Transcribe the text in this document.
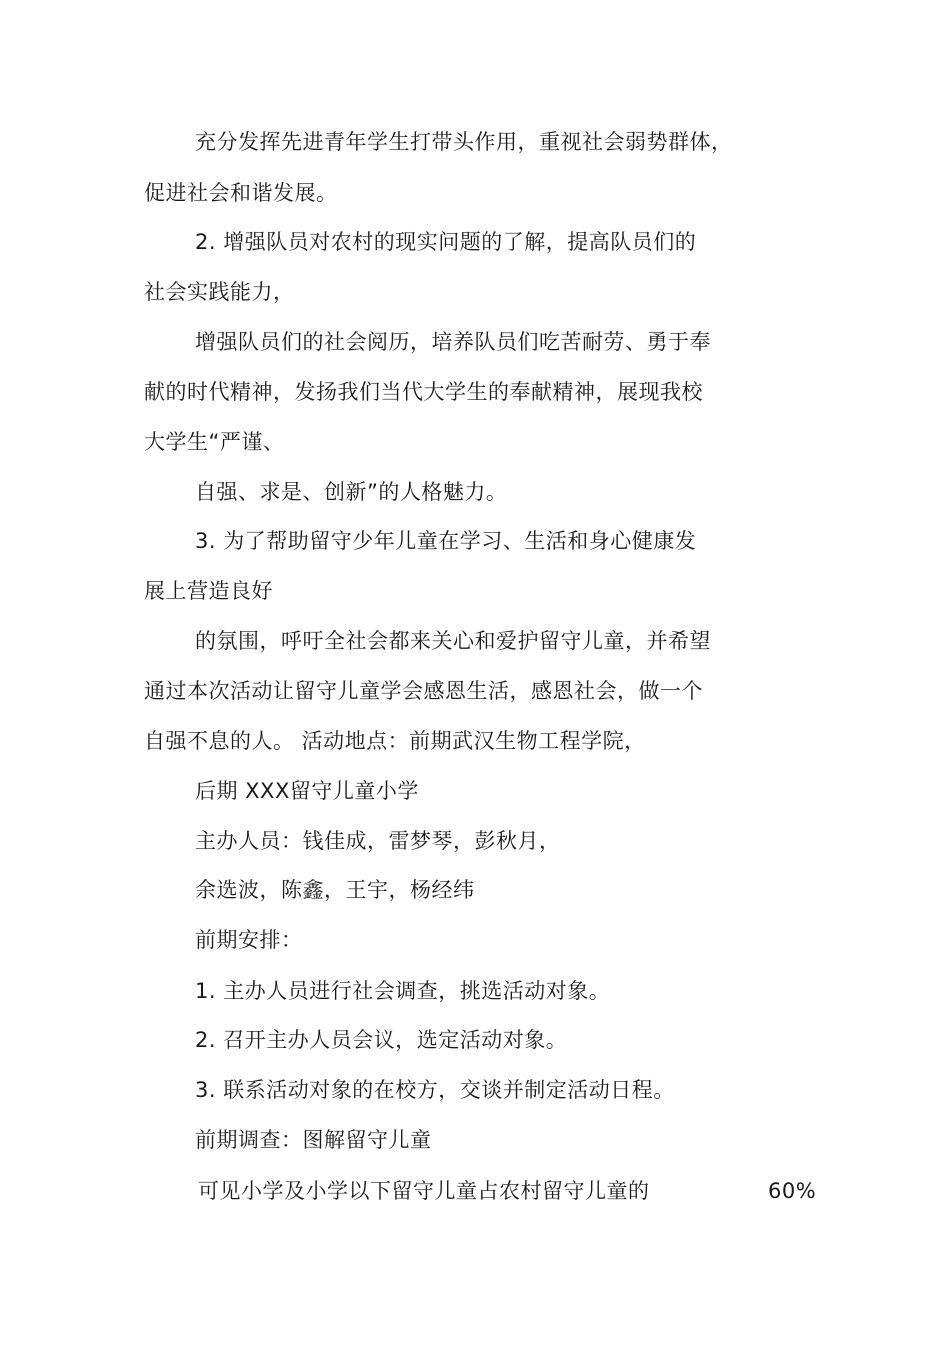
充分发挥先进青年学生打带头作用，重视社会弱势群体，
促进社会和谐发展。
2. 增强队员对农村的现实问题的了解，提高队员们的
社会实践能力，
增强队员们的社会阅历，培养队员们吃苦耐劳、勇于奉
献的时代精神，发扬我们当代大学生的奉献精神，展现我校
大学生“严谨、
自强、求是、创新”的人格魅力。
3. 为了帮助留守少年儿童在学习、生活和身心健康发
展上营造良好
的氛围，呼吁全社会都来关心和爱护留守儿童，并希望
通过本次活动让留守儿童学会感恩生活，感恩社会，做一个
自强不息的人。 活动地点：前期武汉生物工程学院，
后期 XXX留守儿童小学
主办人员：钱佳成，雷梦琴，彭秋月，
余选波，陈鑫，王宇，杨经纬
前期安排：
1. 主办人员进行社会调查，挑选活动对象。
2. 召开主办人员会议，选定活动对象。
3. 联系活动对象的在校方，交谈并制定活动日程。
前期调查：图解留守儿童
可见小学及小学以下留守儿童占农村留守儿童的	60%
